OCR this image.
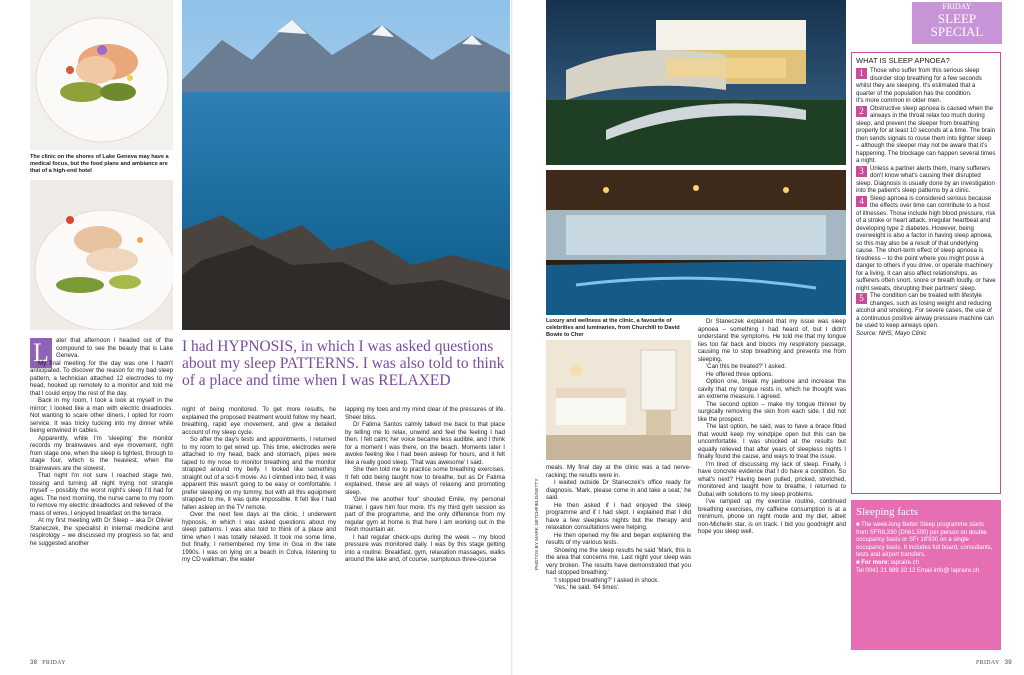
The clinic on the shores of Lake Geneva may have a medical focus, but the food plans and ambiance are that of a high-end hotel
L	ater that afternoon I headed out of the compound to see the beauty that is Lake Geneva.

My final meeting for the day was one I hadn't anticipated. To discover the reason for my bad sleep pattern, a technician attached 12 electrodes to my head, hooked up remotely to a monitor and told me that I could enjoy the rest of the day.

Back in my room, I took a look at myself in the mirror; I looked like a man with electric dreadlocks. Not wanting to scare other diners, I opted for room service. It was tricky tucking into my dinner while being entwined in cables.

Apparently, while I'm 'sleeping' the monitor records my brainwaves and eye movement, right from stage one, when the sleep is lightest, through to stage four, which is the heaviest, when the brainwaves are the slowest.

That night I'm not sure I reached stage two, tossing and turning all night trying not strangle myself – possibly the worst night's sleep I'd had for ages. The next morning, the nurse came to my room to remove my electric dreadlocks and relieved of the mass of wires, I enjoyed breakfast on the terrace.

At my first meeting with Dr Sleep – aka Dr Olivier Staneczek, the specialist in internal medicine and respirology – we discussed my progress so far, and he suggested another

I had HYPNOSIS, in which I was asked questions about my sleep PATTERNS. I was also told to think of a place and time when I was RELAXED

night of being monitored. To get more results, he explained the proposed treatment would follow my heart, breathing, rapid eye movement, and give a detailed account of my sleep cycle.

So after the day's tests and appointments, I returned to my room to get wired up. This time, electrodes were attached to my head, back and stomach, pipes were taped to my nose to monitor breathing and the monitor strapped around my belly. I looked like something straight out of a sci-fi movie. As I climbed into bed, it was apparent this wasn't going to be easy or comfortable. I prefer sleeping on my tummy, but with all this equipment strapped to me, it was quite impossible. It felt like I had fallen asleep on the TV remote.

Over the next few days at the clinic, I underwent hypnosis, in which I was asked questions about my sleep patterns. I was also told to think of a place and time when I was totally relaxed. It took me some time, but finally, I remembered my time in Goa in the late 1990s. I was on lying on a beach in Colva, listening to my CD walkman, the water

lapping my toes and my mind clear of the pressures of life. Sheer bliss.

Dr Fatima Santos calmly talked me back to that place by telling me to relax, unwind and feel the feeling I had then. I felt calm; her voice became less audible, and I think for a moment I was there, on the beach. Moments later I awoke feeling like I had been asleep for hours, and it felt like a really good sleep. 'That was awesome' I said.

She then told me to practice some breathing exercises. It felt odd being taught how to breathe, but as Dr Fatima explained, these are all ways of relaxing and promoting sleep.

'Give me another four' shouted Emile, my personal trainer. I gave him four more. It's my third gym session as part of the programme, and the only difference from my regular gym at home is that here I am working out in the fresh mountain air.

I had regular check-ups during the week – my blood pressure was monitored daily. I was by this stage getting into a routine: Breakfast, gym, relaxation massages, walks around the lake and, of course, sumptuous three-course

38 FRIDAY
Luxury and wellness at the clinic, a favourite of celebrities and luminaries, from Churchill to David Bowie to Cher
PHOTOS BY MARK SETCHFIELD/GETTY

meals. My final day at the clinic was a tad nerve-racking; the results were in.

I waited outside Dr Staneczek's office ready for diagnosis. 'Mark, please come in and take a seat,' he said.

He then asked if I had enjoyed the sleep programme and if I had slept. I explained that I did have a few sleepless nights but the therapy and relaxation consultations were helping.

He then opened my file and began explaining the results of my various tests.

Showing me the sleep results he said 'Mark, this is the area that concerns me. Last night your sleep was very broken. The results have demonstrated that you had stopped breathing.'

'I stopped breathing?' I asked in shock.

'Yes,' he said. '64 times'.

Dr Staneczek explained that my issue was sleep apnoea – something I had heard of, but I didn't understand the symptoms. He told me that my tongue lies too far back and blocks my respiratory passage, causing me to stop breathing and prevents me from sleeping.

'Can this be treated?' I asked.

He offered three options.

Option one, break my jawbone and increase the cavity that my tongue rests in, which he thought was an extreme measure. I agreed.

The second option – make my tongue thinner by surgically removing the skin from each side. I did not like the prospect.

The last option, he said, was to have a brace fitted that would keep my windpipe open but this can be uncomfortable. I was shocked at the results but equally relieved that after years of sleepless nights I finally found the cause, and ways to treat the issue.

I'm tired of discussing my lack of sleep. Finally, I have concrete evidence that I do have a condition. So what's next? Having been pulled, pricked, stretched, monitored and taught how to breathe, I returned to Dubai with solutions to my sleep problems.

I've ramped up my exercise routine, continued breathing exercises, my caffeine consumption is at a minimum, phone on night mode and my diet, albeit non-Michelin star, is on track. I bid you goodnight and hope you sleep well.

FRIDAY
SLEEP
SPECIAL
WHAT IS SLEEP APNOEA?

1	Those who suffer from this serious sleep disorder stop breathing for a few seconds whilst they are sleeping. It's estimated that a quarter of the population has the condition.

It's more common in older men.

2	Obstructive sleep apnoea is caused when the airways in the throat relax too much during sleep, and prevent the sleeper from breathing properly for at least 10 seconds at a time. The brain then sends signals to rouse them into lighter sleep – although the sleeper may not be aware that it's happening. The blockage can happen several times a night.

3	Unless a partner alerts them, many sufferers don't know what's causing their disrupted sleep. Diagnosis is usually done by an investigation into the patient's sleep patterns by a clinic.

4	Sleep apnoea is considered serious because the effects over time can contribute to a host of illnesses. Those include high blood pressure, risk of a stroke or heart attack, irregular heartbeat and developing type 2 diabetes. However, being overweight is also a factor in having sleep apnoea, so this may also be a result of that underlying cause. The short-term effect of sleep apnoea is tiredness – to the point where you might pose a danger to others if you drive, or operate machinery for a living. It can also affect relationships, as sufferers often snort, snore or breath loudly, or have night sweats, disrupting their partners' sleep.

5	The condition can be treated with lifestyle changes, such as losing weight and reducing alcohol and smoking. For severe cases, the use of a continuous positive airway pressure machine can be used to keep airways open.

Source: NHS, Mayo Clinic

Sleeping facts
■ The week-long Better Sleep programme starts from SFR8,330 (Dh61,500) per person on double occupancy basis or SFr 18'930 on a single occupancy basis. It includes full board, consultants, tests and airport transfers.
■ For more: lapraire.ch
Tel 0041 21 989 33 12 Email info@ lapraire.ch
FRIDAY 39
